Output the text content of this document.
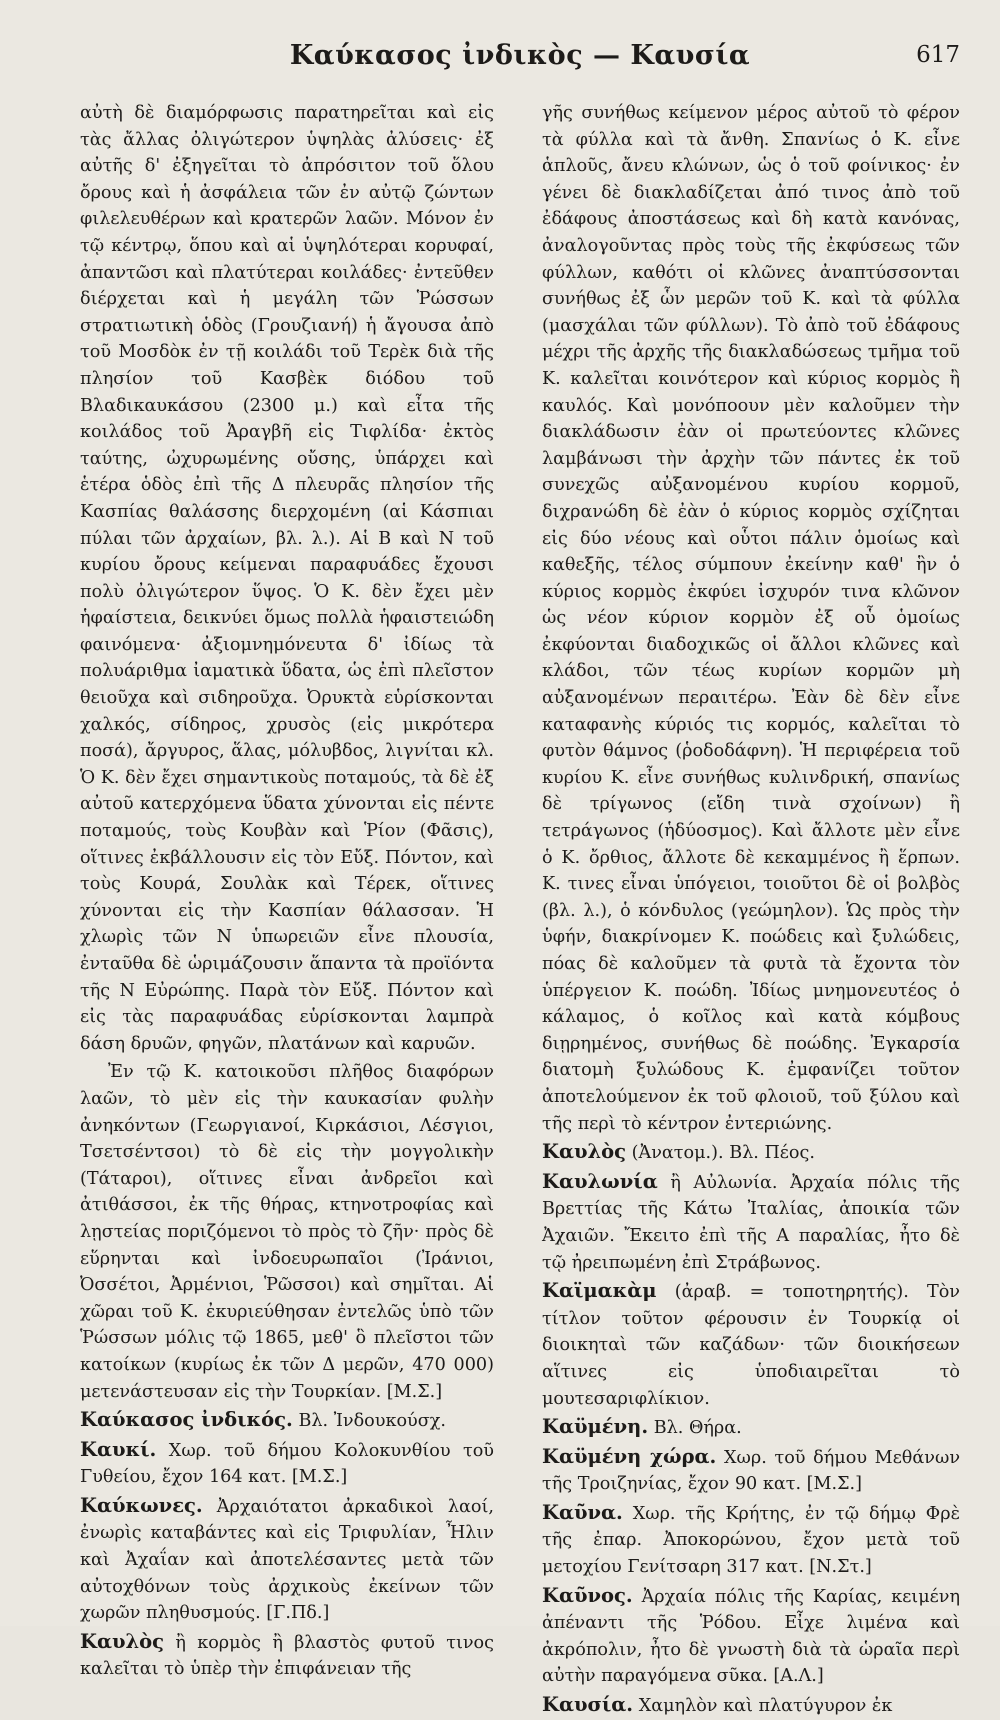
Καύκασος ἰνδικὸς — Καυσία	617

αὐτὴ δὲ διαμόρφωσις παρατηρεῖται καὶ εἰς τὰς ἄλλας ὀλιγώτερον ὑψηλὰς ἀλύσεις· ἐξ αὐτῆς δ' ἐξηγεῖται τὸ ἀπρόσιτον τοῦ ὅλου ὄρους καὶ ἡ ἀσφάλεια τῶν ἐν αὐτῷ ζώντων φιλελευθέρων καὶ κρατερῶν λαῶν. Μόνον ἐν τῷ κέντρῳ, ὅπου καὶ αἱ ὑψηλότεραι κορυφαί, ἀπαντῶσι καὶ πλατύτεραι κοιλάδες· ἐντεῦθεν διέρχεται καὶ ἡ μεγάλη τῶν Ῥώσσων στρατιωτικὴ ὁδὸς (Γρουζιανή) ἡ ἄγουσα ἀπὸ τοῦ Μοσδὸκ ἐν τῇ κοιλάδι τοῦ Τερὲκ διὰ τῆς πλησίον τοῦ Κασβὲκ διόδου τοῦ Βλαδικαυκάσου (2300 μ.) καὶ εἶτα τῆς κοιλάδος τοῦ Ἀραγβῆ εἰς Τιφλίδα· ἐκτὸς ταύτης, ὠχυρωμένης οὔσης, ὑπάρχει καὶ ἑτέρα ὁδὸς ἐπὶ τῆς Δ πλευρᾶς πλησίον τῆς Κασπίας θαλάσσης διερχομένη (αἱ Κάσπιαι πύλαι τῶν ἀρχαίων, βλ. λ.). Αἱ Β καὶ Ν τοῦ κυρίου ὄρους κείμεναι παραφυάδες ἔχουσι πολὺ ὀλιγώτερον ὕψος. Ὁ Κ. δὲν ἔχει μὲν ἡφαίστεια, δεικνύει ὅμως πολλὰ ἡφαιστειώδη φαινόμενα· ἀξιομνημόνευτα δ' ἰδίως τὰ πολυάριθμα ἰαματικὰ ὕδατα, ὡς ἐπὶ πλεῖστον θειοῦχα καὶ σιδηροῦχα. Ὀρυκτὰ εὑρίσκονται χαλκός, σίδηρος, χρυσὸς (εἰς μικρότερα ποσά), ἄργυρος, ἅλας, μόλυβδος, λιγνίται κλ. Ὁ Κ. δὲν ἔχει σημαντικοὺς ποταμούς, τὰ δὲ ἐξ αὐτοῦ κατερχόμενα ὕδατα χύνονται εἰς πέντε ποταμούς, τοὺς Κουβὰν καὶ Ῥίον (Φᾶσις), οἵτινες ἐκβάλλουσιν εἰς τὸν Εὔξ. Πόντον, καὶ τοὺς Κουρά, Σουλὰκ καὶ Τέρεκ, οἵτινες χύνονται εἰς τὴν Κασπίαν θάλασσαν. Ἡ χλωρὶς τῶν Ν ὑπωρειῶν εἶνε πλουσία, ἐνταῦθα δὲ ὡριμάζουσιν ἅπαντα τὰ προϊόντα τῆς Ν Εὐρώπης. Παρὰ τὸν Εὔξ. Πόντον καὶ εἰς τὰς παραφυάδας εὑρίσκονται λαμπρὰ δάση δρυῶν, φηγῶν, πλατάνων καὶ καρυῶν.

Ἐν τῷ Κ. κατοικοῦσι πλῆθος διαφόρων λαῶν, τὸ μὲν εἰς τὴν καυκασίαν φυλὴν ἀνηκόντων (Γεωργιανοί, Κιρκάσιοι, Λέσγιοι, Τσετσέντσοι) τὸ δὲ εἰς τὴν μογγολικὴν (Τάταροι), οἵτινες εἶναι ἀνδρεῖοι καὶ ἀτιθάσσοι, ἐκ τῆς θήρας, κτηνοτροφίας καὶ λῃστείας ποριζόμενοι τὸ πρὸς τὸ ζῆν· πρὸς δὲ εὕρηνται καὶ ἰνδοευρωπαῖοι (Ἰράνιοι, Ὀσσέτοι, Ἀρμένιοι, Ῥῶσσοι) καὶ σημῖται. Αἱ χῶραι τοῦ Κ. ἐκυριεύθησαν ἐντελῶς ὑπὸ τῶν Ῥώσσων μόλις τῷ 1865, μεθ' ὃ πλεῖστοι τῶν κατοίκων (κυρίως ἐκ τῶν Δ μερῶν, 470 000) μετενάστευσαν εἰς τὴν Τουρκίαν. [Μ.Σ.]

Καύκασος ἰνδικός. Βλ. Ἰνδουκούσχ.

Καυκί. Χωρ. τοῦ δήμου Κολοκυνθίου τοῦ Γυθείου, ἔχον 164 κατ. [Μ.Σ.]

Καύκωνες. Ἀρχαιότατοι ἀρκαδικοὶ λαοί, ἐνωρὶς καταβάντες καὶ εἰς Τριφυλίαν, Ἦλιν καὶ Ἀχαΐαν καὶ ἀποτελέσαντες μετὰ τῶν αὐτοχθόνων τοὺς ἀρχικοὺς ἐκείνων τῶν χωρῶν πληθυσμούς. [Γ.Πδ.]

Καυλὸς ἢ κορμὸς ἢ βλαστὸς φυτοῦ τινος καλεῖται τὸ ὑπὲρ τὴν ἐπιφάνειαν τῆς

γῆς συνήθως κείμενον μέρος αὐτοῦ τὸ φέρον τὰ φύλλα καὶ τὰ ἄνθη. Σπανίως ὁ Κ. εἶνε ἁπλοῦς, ἄνευ κλώνων, ὡς ὁ τοῦ φοίνικος· ἐν γένει δὲ διακλαδίζεται ἀπό τινος ἀπὸ τοῦ ἐδάφους ἀποστάσεως καὶ δὴ κατὰ κανόνας, ἀναλογοῦντας πρὸς τοὺς τῆς ἐκφύσεως τῶν φύλλων, καθότι οἱ κλῶνες ἀναπτύσσονται συνήθως ἐξ ὧν μερῶν τοῦ Κ. καὶ τὰ φύλλα (μασχάλαι τῶν φύλλων). Τὸ ἀπὸ τοῦ ἐδάφους μέχρι τῆς ἀρχῆς τῆς διακλαδώσεως τμῆμα τοῦ Κ. καλεῖται κοινότερον καὶ κύριος κορμὸς ἢ καυλός. Καὶ μονόποουν μὲν καλοῦμεν τὴν διακλάδωσιν ἐὰν οἱ πρωτεύοντες κλῶνες λαμβάνωσι τὴν ἀρχὴν τῶν πάντες ἐκ τοῦ συνεχῶς αὐξανομένου κυρίου κορμοῦ, διχρανώδη δὲ ἐὰν ὁ κύριος κορμὸς σχίζηται εἰς δύο νέους καὶ οὗτοι πάλιν ὁμοίως καὶ καθεξῆς, τέλος σύμπουν ἐκείνην καθ' ἣν ὁ κύριος κορμὸς ἐκφύει ἰσχυρόν τινα κλῶνον ὡς νέον κύριον κορμὸν ἐξ οὗ ὁμοίως ἐκφύονται διαδοχικῶς οἱ ἄλλοι κλῶνες καὶ κλάδοι, τῶν τέως κυρίων κορμῶν μὴ αὐξανομένων περαιτέρω. Ἐὰν δὲ δὲν εἶνε καταφανὴς κύριός τις κορμός, καλεῖται τὸ φυτὸν θάμνος (ῥοδοδάφνη). Ἡ περιφέρεια τοῦ κυρίου Κ. εἶνε συνήθως κυλινδρική, σπανίως δὲ τρίγωνος (εἴδη τινὰ σχοίνων) ἢ τετράγωνος (ἡδύοσμος). Καὶ ἄλλοτε μὲν εἶνε ὁ Κ. ὄρθιος, ἄλλοτε δὲ κεκαμμένος ἢ ἕρπων. Κ. τινες εἶναι ὑπόγειοι, τοιοῦτοι δὲ οἱ βολβὸς (βλ. λ.), ὁ κόνδυλος (γεώμηλον). Ὡς πρὸς τὴν ὑφήν, διακρίνομεν Κ. ποώδεις καὶ ξυλώδεις, πόας δὲ καλοῦμεν τὰ φυτὰ τὰ ἔχοντα τὸν ὑπέργειον Κ. ποώδη. Ἰδίως μνημονευτέος ὁ κάλαμος, ὁ κοῖλος καὶ κατὰ κόμβους διῃρημένος, συνήθως δὲ ποώδης. Ἐγκαρσία διατομὴ ξυλώδους Κ. ἐμφανίζει τοῦτον ἀποτελούμενον ἐκ τοῦ φλοιοῦ, τοῦ ξύλου καὶ τῆς περὶ τὸ κέντρον ἐντεριώνης.

Καυλὸς (Ἀνατομ.). Βλ. Πέος.

Καυλωνία ἢ Αὐλωνία. Ἀρχαία πόλις τῆς Βρεττίας τῆς Κάτω Ἰταλίας, ἀποικία τῶν Ἀχαιῶν. Ἔκειτο ἐπὶ τῆς Α παραλίας, ἦτο δὲ τῷ ἠρειπωμένη ἐπὶ Στράβωνος.

Καϊμακὰμ (ἀραβ. = τοποτηρητής). Τὸν τίτλον τοῦτον φέρουσιν ἐν Τουρκίᾳ οἱ διοικηταὶ τῶν καζάδων· τῶν διοικήσεων αἵτινες εἰς ὑποδιαιρεῖται τὸ μουτεσαριφλίκιον.

Καϋμένη. Βλ. Θήρα.

Καϋμένη χώρα. Χωρ. τοῦ δήμου Μεθάνων τῆς Τροιζηνίας, ἔχον 90 κατ. [Μ.Σ.]

Καῦνα. Χωρ. τῆς Κρήτης, ἐν τῷ δήμῳ Φρὲ τῆς ἐπαρ. Ἀποκορώνου, ἔχον μετὰ τοῦ μετοχίου Γενίτσαρη 317 κατ. [Ν.Στ.]

Καῦνος. Ἀρχαία πόλις τῆς Καρίας, κειμένη ἀπέναντι τῆς Ῥόδου. Εἶχε λιμένα καὶ ἀκρόπολιν, ἦτο δὲ γνωστὴ διὰ τὰ ὡραῖα περὶ αὐτὴν παραγόμενα σῦκα. [Α.Λ.]

Καυσία. Χαμηλὸν καὶ πλατύγυρον ἐκ
